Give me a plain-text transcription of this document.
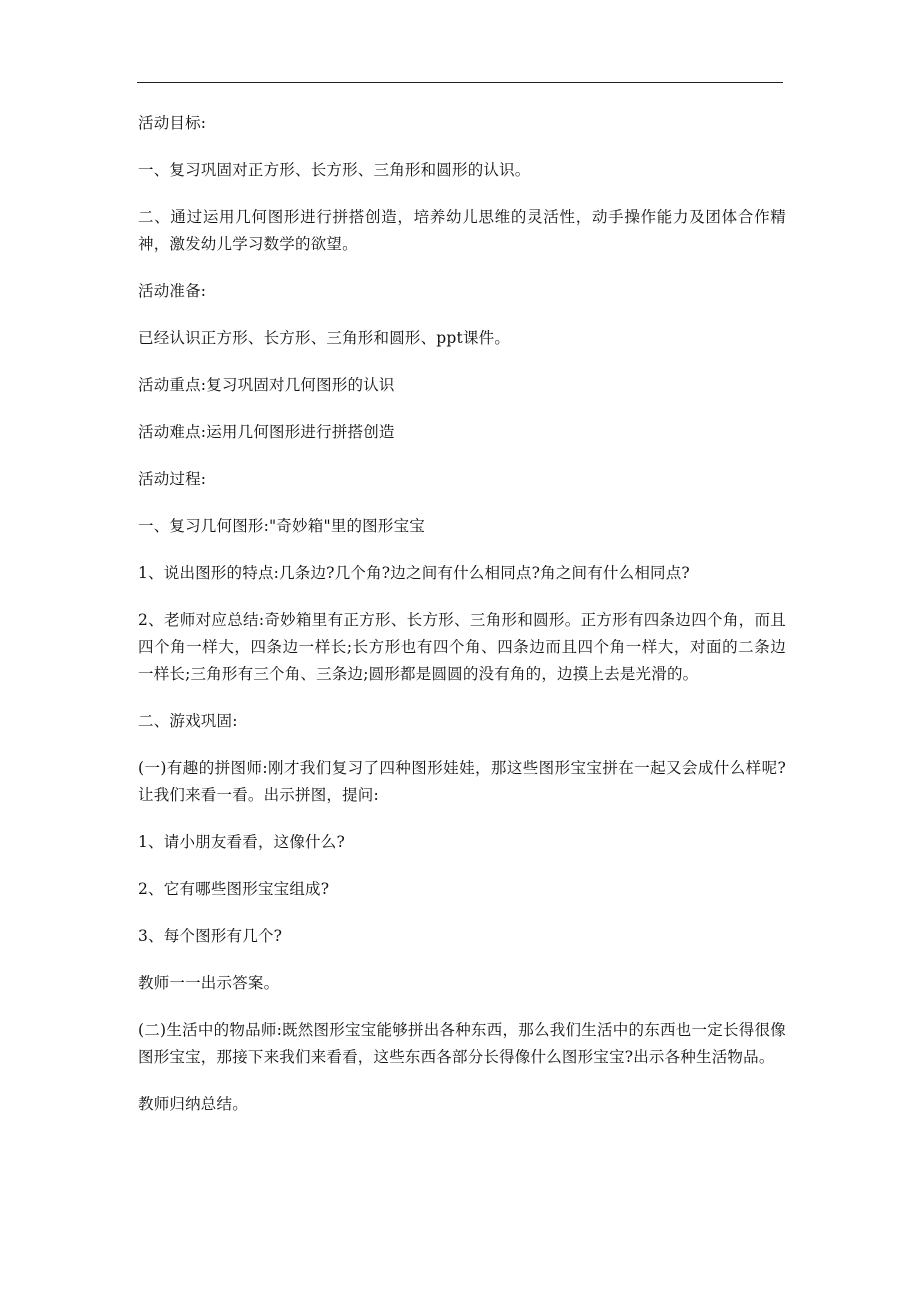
活动目标:

一、复习巩固对正方形、长方形、三角形和圆形的认识。

二、通过运用几何图形进行拼搭创造，培养幼儿思维的灵活性，动手操作能力及团体合作精神，激发幼儿学习数学的欲望。

活动准备:

已经认识正方形、长方形、三角形和圆形、ppt课件。

活动重点:复习巩固对几何图形的认识

活动难点:运用几何图形进行拼搭创造

活动过程:

一、复习几何图形:"奇妙箱"里的图形宝宝

1、说出图形的特点:几条边?几个角?边之间有什么相同点?角之间有什么相同点?

2、老师对应总结:奇妙箱里有正方形、长方形、三角形和圆形。正方形有四条边四个角，而且四个角一样大，四条边一样长;长方形也有四个角、四条边而且四个角一样大，对面的二条边一样长;三角形有三个角、三条边;圆形都是圆圆的没有角的，边摸上去是光滑的。

二、游戏巩固:

(一)有趣的拼图师:刚才我们复习了四种图形娃娃，那这些图形宝宝拼在一起又会成什么样呢?让我们来看一看。出示拼图，提问:

1、请小朋友看看，这像什么?

2、它有哪些图形宝宝组成?

3、每个图形有几个?

教师一一出示答案。

(二)生活中的物品师:既然图形宝宝能够拼出各种东西，那么我们生活中的东西也一定长得很像图形宝宝，那接下来我们来看看，这些东西各部分长得像什么图形宝宝?出示各种生活物品。

教师归纳总结。
